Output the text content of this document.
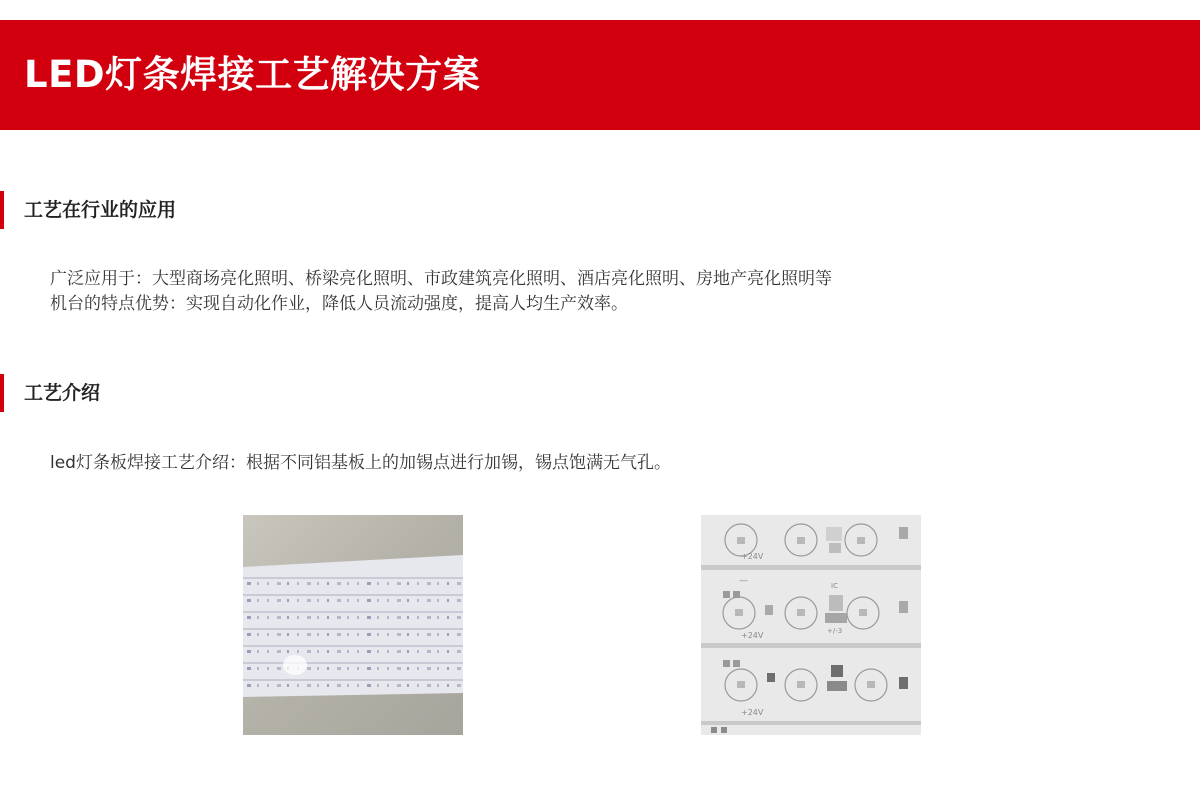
LED灯条焊接工艺解决方案
工艺在行业的应用

广泛应用于：大型商场亮化照明、桥梁亮化照明、市政建筑亮化照明、酒店亮化照明、房地产亮化照明等

机台的特点优势：实现自动化作业，降低人员流动强度，提高人均生产效率。

工艺介绍

led灯条板焊接工艺介绍：根据不同铝基板上的加锡点进行加锡，锡点饱满无气孔。

+24V
+24V
+24V
IC
+/-3
—
